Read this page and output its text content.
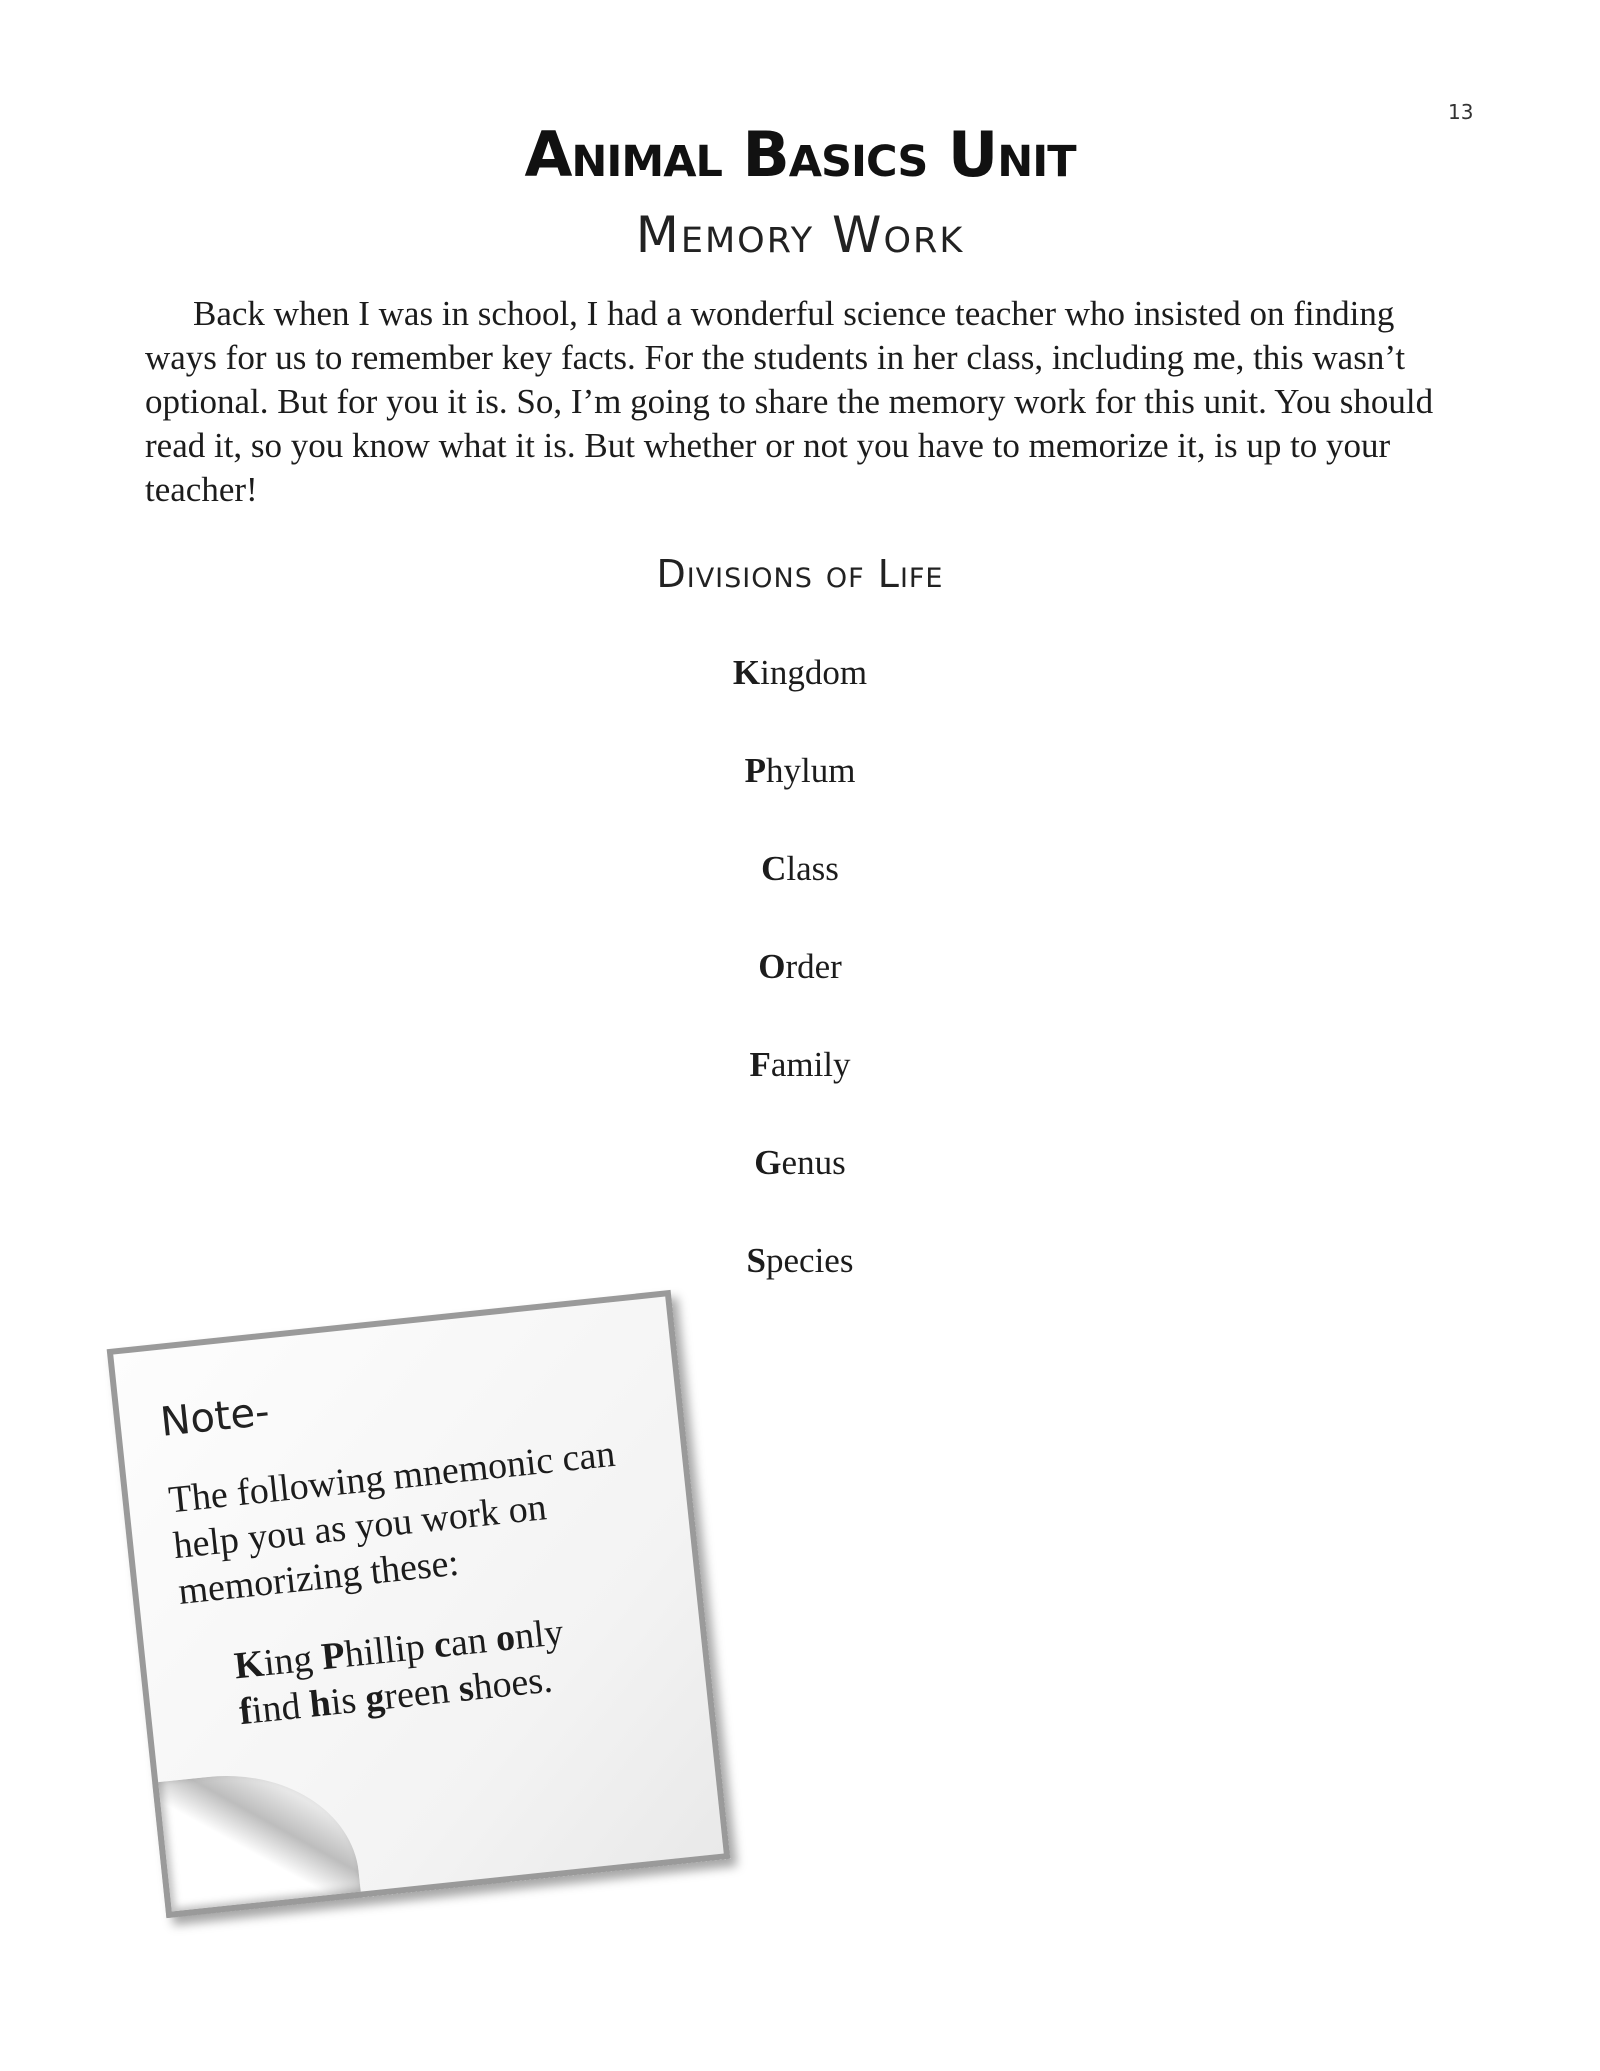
13
Animal Basics Unit
Memory Work

Back when I was in school, I had a wonderful science teacher who insisted on finding ways for us to remember key facts. For the students in her class, including me, this wasn’t optional. But for you it is. So, I’m going to share the memory work for this unit. You should read it, so you know what it is. But whether or not you have to memorize it, is up to your teacher!

Divisions of Life
Kingdom
Phylum
Class
Order
Family
Genus
Species
Note-
The following mnemonic can help you as you work on memorizing these:
King Phillip can only
find his green shoes.
